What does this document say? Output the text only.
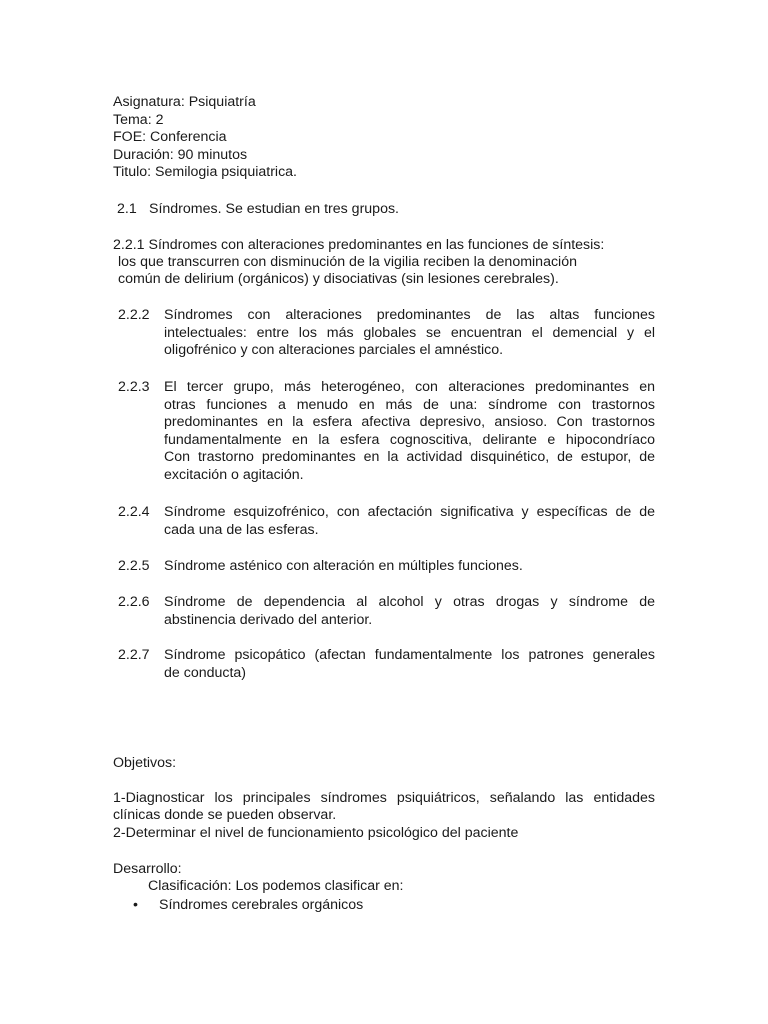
Asignatura: Psiquiatría
Tema: 2
FOE: Conferencia
Duración: 90 minutos
Titulo: Semilogia psiquiatrica.
2.1 Síndromes. Se estudian en tres grupos.
2.2.1 Síndromes con alteraciones predominantes en las funciones de síntesis:
los que transcurren con disminución de la vigilia reciben la denominación
común de delirium (orgánicos) y disociativas (sin lesiones cerebrales).
2.2.2 Síndromes con alteraciones predominantes de las altas funciones
intelectuales: entre los más globales se encuentran el demencial y el
oligofrénico y con alteraciones parciales el amnéstico.
2.2.3 El tercer grupo, más heterogéneo, con alteraciones predominantes en
otras funciones a menudo en más de una: síndrome con trastornos
predominantes en la esfera afectiva depresivo, ansioso. Con trastornos
fundamentalmente en la esfera cognoscitiva, delirante e hipocondríaco
Con trastorno predominantes en la actividad disquinético, de estupor, de
excitación o agitación.
2.2.4 Síndrome esquizofrénico, con afectación significativa y específicas de de
cada una de las esferas.
2.2.5 Síndrome asténico con alteración en múltiples funciones.
2.2.6 Síndrome de dependencia al alcohol y otras drogas y síndrome de
abstinencia derivado del anterior.
2.2.7 Síndrome psicopático (afectan fundamentalmente los patrones generales
de conducta)
Objetivos:
1-Diagnosticar los principales síndromes psiquiátricos, señalando las entidades
clínicas donde se pueden observar.
2-Determinar el nivel de funcionamiento psicológico del paciente
Desarrollo:
Clasificación: Los podemos clasificar en:
• Síndromes cerebrales orgánicos
